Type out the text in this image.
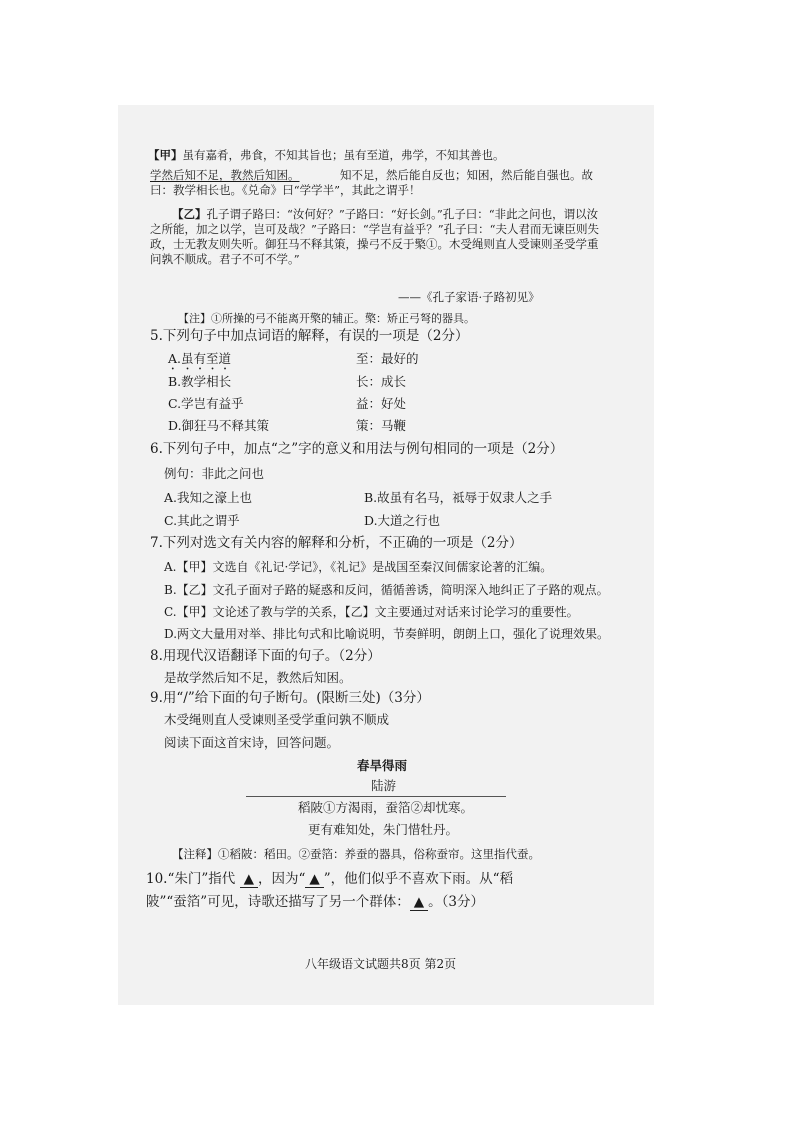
【甲】虽有嘉肴，弗食，不知其旨也；虽有至道，弗学，不知其善也。
学然后知不足，教然后知困。	知不足，然后能自反也；知困，然后能自强也。故曰：教学相长也。《兑命》曰“学学半”，其此之谓乎！
【乙】孔子谓子路曰：“汝何好？”子路曰：“好长剑。”孔子曰：“非此之问也，谓以汝之所能，加之以学，岂可及哉？”子路曰：“学岂有益乎？”孔子曰：“夫人君而无谏臣则失政，士无教友则失听。御狂马不释其策，操弓不反于檠①。木受绳则直人受谏则圣受学重问孰不顺成。君子不可不学。”
——《孔子家语·子路初见》
【注】①所操的弓不能离开檠的辅正。檠：矫正弓弩的器具。
5.下列句子中加点词语的解释，有误的一项是（2分）
A.虽有至道	至：最好的
B.教学相长	长：成长
C.学岂有益乎	益：好处
D.御狂马不释其策	策：马鞭
6.下列句子中，加点“之”字的意义和用法与例句相同的一项是（2分）
例句：非此之问也
A.我知之濠上也	B.故虽有名马，祗辱于奴隶人之手
C.其此之谓乎	D.大道之行也
7.下列对选文有关内容的解释和分析，不正确的一项是（2分）
A.【甲】文选自《礼记·学记》，《礼记》是战国至秦汉间儒家论著的汇编。
B.【乙】文孔子面对子路的疑惑和反问，循循善诱，简明深入地纠正了子路的观点。
C.【甲】文论述了教与学的关系，【乙】文主要通过对话来讨论学习的重要性。
D.两文大量用对举、排比句式和比喻说明，节奏鲜明，朗朗上口，强化了说理效果。
8.用现代汉语翻译下面的句子。（2分）
是故学然后知不足，教然后知困。
9.用“/”给下面的句子断句。(限断三处)（3分）
木受绳则直人受谏则圣受学重问孰不顺成
阅读下面这首宋诗，回答问题。
春旱得雨
陆游
稻陂①方渴雨，蚕箔②却忧寒。
更有难知处，朱门惜牡丹。
【注释】①稻陂：稻田。②蚕箔：养蚕的器具，俗称蚕帘。这里指代蚕。
10.“朱门”指代 ▲ ，因为“ ▲ ”，他们似乎不喜欢下雨。从“稻
陂”“蚕箔”可见，诗歌还描写了另一个群体： ▲ 。（3分）
八年级语文试题共8页 第2页
